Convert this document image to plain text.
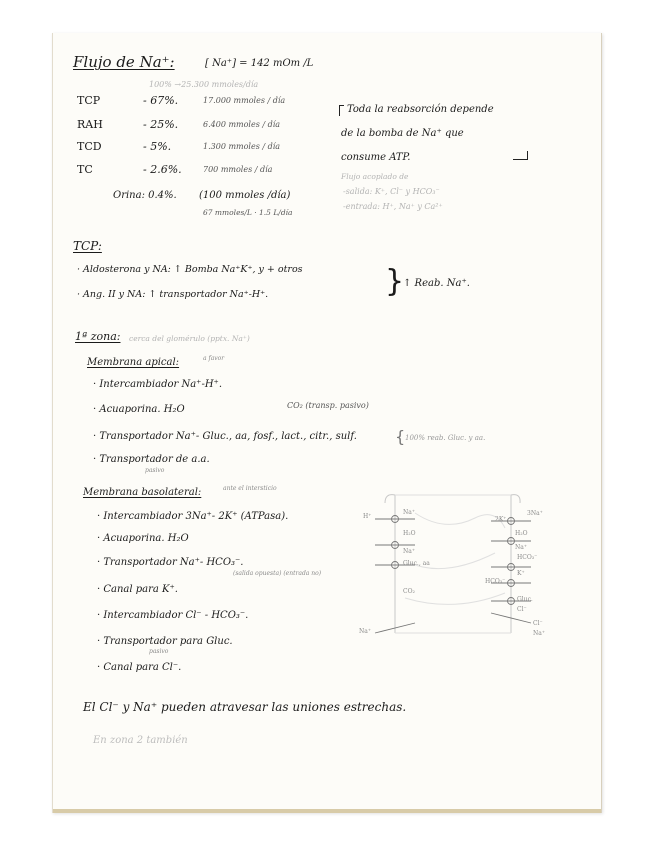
Flujo de Na⁺:	[ Na⁺] = 142 mOm /L
100% →25.300 mmoles/día
TCP	- 67%.	17.000 mmoles / día
RAH	- 25%.	6.400 mmoles / día
TCD	- 5%.	1.300 mmoles / día
TC	- 2.6%.	700 mmoles / día
Orina: 0.4%. (100 mmoles /día)
67 mmoles/L · 1.5 L/día
Toda la reabsorción depende
de la bomba de Na⁺ que
consume ATP.
Flujo acoplado de
-salida: K⁺, Cl⁻ y HCO₃⁻
-entrada: H⁺, Na⁺ y Ca²⁺
TCP:
· Aldosterona y NA: ↑ Bomba Na⁺K⁺, y + otros
· Ang. II y NA: ↑ transportador Na⁺-H⁺.	}
↑ Reab. Na⁺.
1ª zona: cerca del glomérulo (pptx. Na⁺)
Membrana apical:	a favor
· Intercambiador Na⁺-H⁺.
· Acuaporina. H₂O	CO₂ (transp. pasivo)
· Transportador Na⁺- Gluc., aa, fosf., lact., citr., sulf. { 100% reab. Gluc. y aa.
· Transportador de a.a.
pasivo
Membrana basolateral:	ante el intersticio
· Intercambiador 3Na⁺- 2K⁺ (ATPasa).
· Acuaporina. H₂O
· Transportador Na⁺- HCO₃⁻.
(salida opuesta) (entrada no)
· Canal para K⁺.
· Intercambiador Cl⁻ - HCO₃⁻.
· Transportador para Gluc.
pasivo
· Canal para Cl⁻.
H⁺
Na⁺
H₂O
Na⁺
Gluc., aa
CO₂
Na⁺
3Na⁺
2K⁺
H₂O
Na⁺
HCO₃⁻
K⁺
HCO₃⁻
Gluc.
Cl⁻
Cl⁻
Na⁺
El Cl⁻ y Na⁺ pueden atravesar las uniones estrechas.
En zona 2 también
